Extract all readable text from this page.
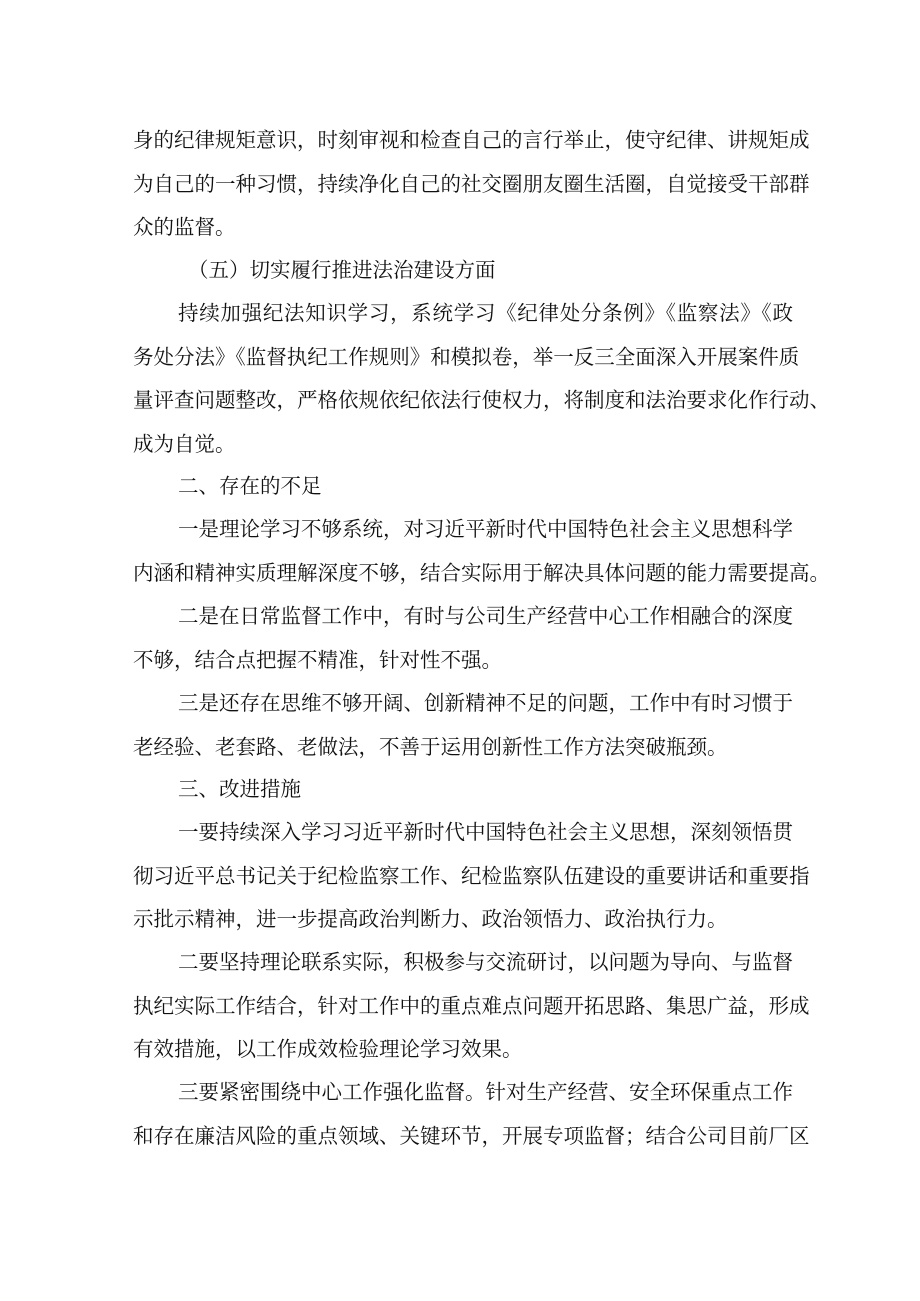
身的纪律规矩意识，时刻审视和检查自己的言行举止，使守纪律、讲规矩成
为自己的一种习惯，持续净化自己的社交圈朋友圈生活圈，自觉接受干部群
众的监督。
（五）切实履行推进法治建设方面
持续加强纪法知识学习，系统学习《纪律处分条例》《监察法》《政
务处分法》《监督执纪工作规则》和模拟卷，举一反三全面深入开展案件质
量评查问题整改，严格依规依纪依法行使权力，将制度和法治要求化作行动、
成为自觉。
二、存在的不足
一是理论学习不够系统，对习近平新时代中国特色社会主义思想科学
内涵和精神实质理解深度不够，结合实际用于解决具体问题的能力需要提高。
二是在日常监督工作中，有时与公司生产经营中心工作相融合的深度
不够，结合点把握不精准，针对性不强。
三是还存在思维不够开阔、创新精神不足的问题，工作中有时习惯于
老经验、老套路、老做法，不善于运用创新性工作方法突破瓶颈。
三、改进措施
一要持续深入学习习近平新时代中国特色社会主义思想，深刻领悟贯
彻习近平总书记关于纪检监察工作、纪检监察队伍建设的重要讲话和重要指
示批示精神，进一步提高政治判断力、政治领悟力、政治执行力。
二要坚持理论联系实际，积极参与交流研讨，以问题为导向、与监督
执纪实际工作结合，针对工作中的重点难点问题开拓思路、集思广益，形成
有效措施，以工作成效检验理论学习效果。
三要紧密围绕中心工作强化监督。针对生产经营、安全环保重点工作
和存在廉洁风险的重点领域、关键环节，开展专项监督；结合公司目前厂区
